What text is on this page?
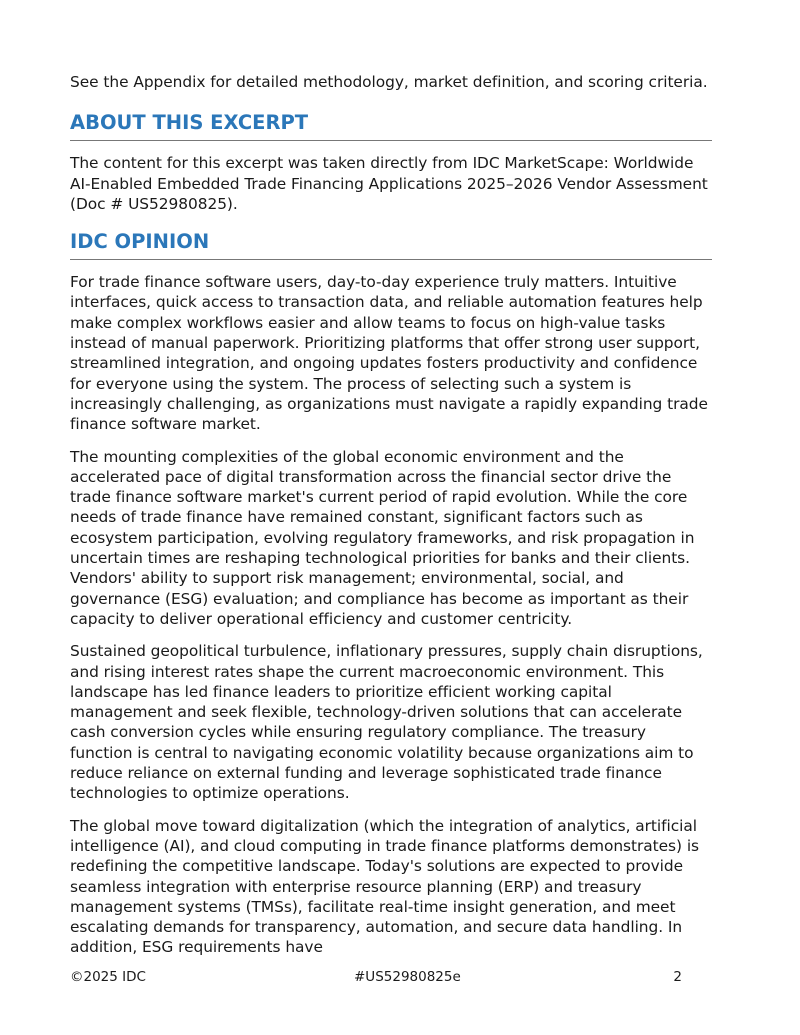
See the Appendix for detailed methodology, market definition, and scoring criteria.

ABOUT THIS EXCERPT

The content for this excerpt was taken directly from IDC MarketScape: Worldwide AI-Enabled Embedded Trade Financing Applications 2025–2026 Vendor Assessment (Doc # US52980825).

IDC OPINION

For trade finance software users, day-to-day experience truly matters. Intuitive interfaces, quick access to transaction data, and reliable automation features help make complex workflows easier and allow teams to focus on high-value tasks instead of manual paperwork. Prioritizing platforms that offer strong user support, streamlined integration, and ongoing updates fosters productivity and confidence for everyone using the system. The process of selecting such a system is increasingly challenging, as organizations must navigate a rapidly expanding trade finance software market.

The mounting complexities of the global economic environment and the accelerated pace of digital transformation across the financial sector drive the trade finance software market's current period of rapid evolution. While the core needs of trade finance have remained constant, significant factors such as ecosystem participation, evolving regulatory frameworks, and risk propagation in uncertain times are reshaping technological priorities for banks and their clients. Vendors' ability to support risk management; environmental, social, and governance (ESG) evaluation; and compliance has become as important as their capacity to deliver operational efficiency and customer centricity.

Sustained geopolitical turbulence, inflationary pressures, supply chain disruptions, and rising interest rates shape the current macroeconomic environment. This landscape has led finance leaders to prioritize efficient working capital management and seek flexible, technology-driven solutions that can accelerate cash conversion cycles while ensuring regulatory compliance. The treasury function is central to navigating economic volatility because organizations aim to reduce reliance on external funding and leverage sophisticated trade finance technologies to optimize operations.

The global move toward digitalization (which the integration of analytics, artificial intelligence (AI), and cloud computing in trade finance platforms demonstrates) is redefining the competitive landscape. Today's solutions are expected to provide seamless integration with enterprise resource planning (ERP) and treasury management systems (TMSs), facilitate real-time insight generation, and meet escalating demands for transparency, automation, and secure data handling. In addition, ESG requirements have

©2025 IDC	#US52980825e	2
